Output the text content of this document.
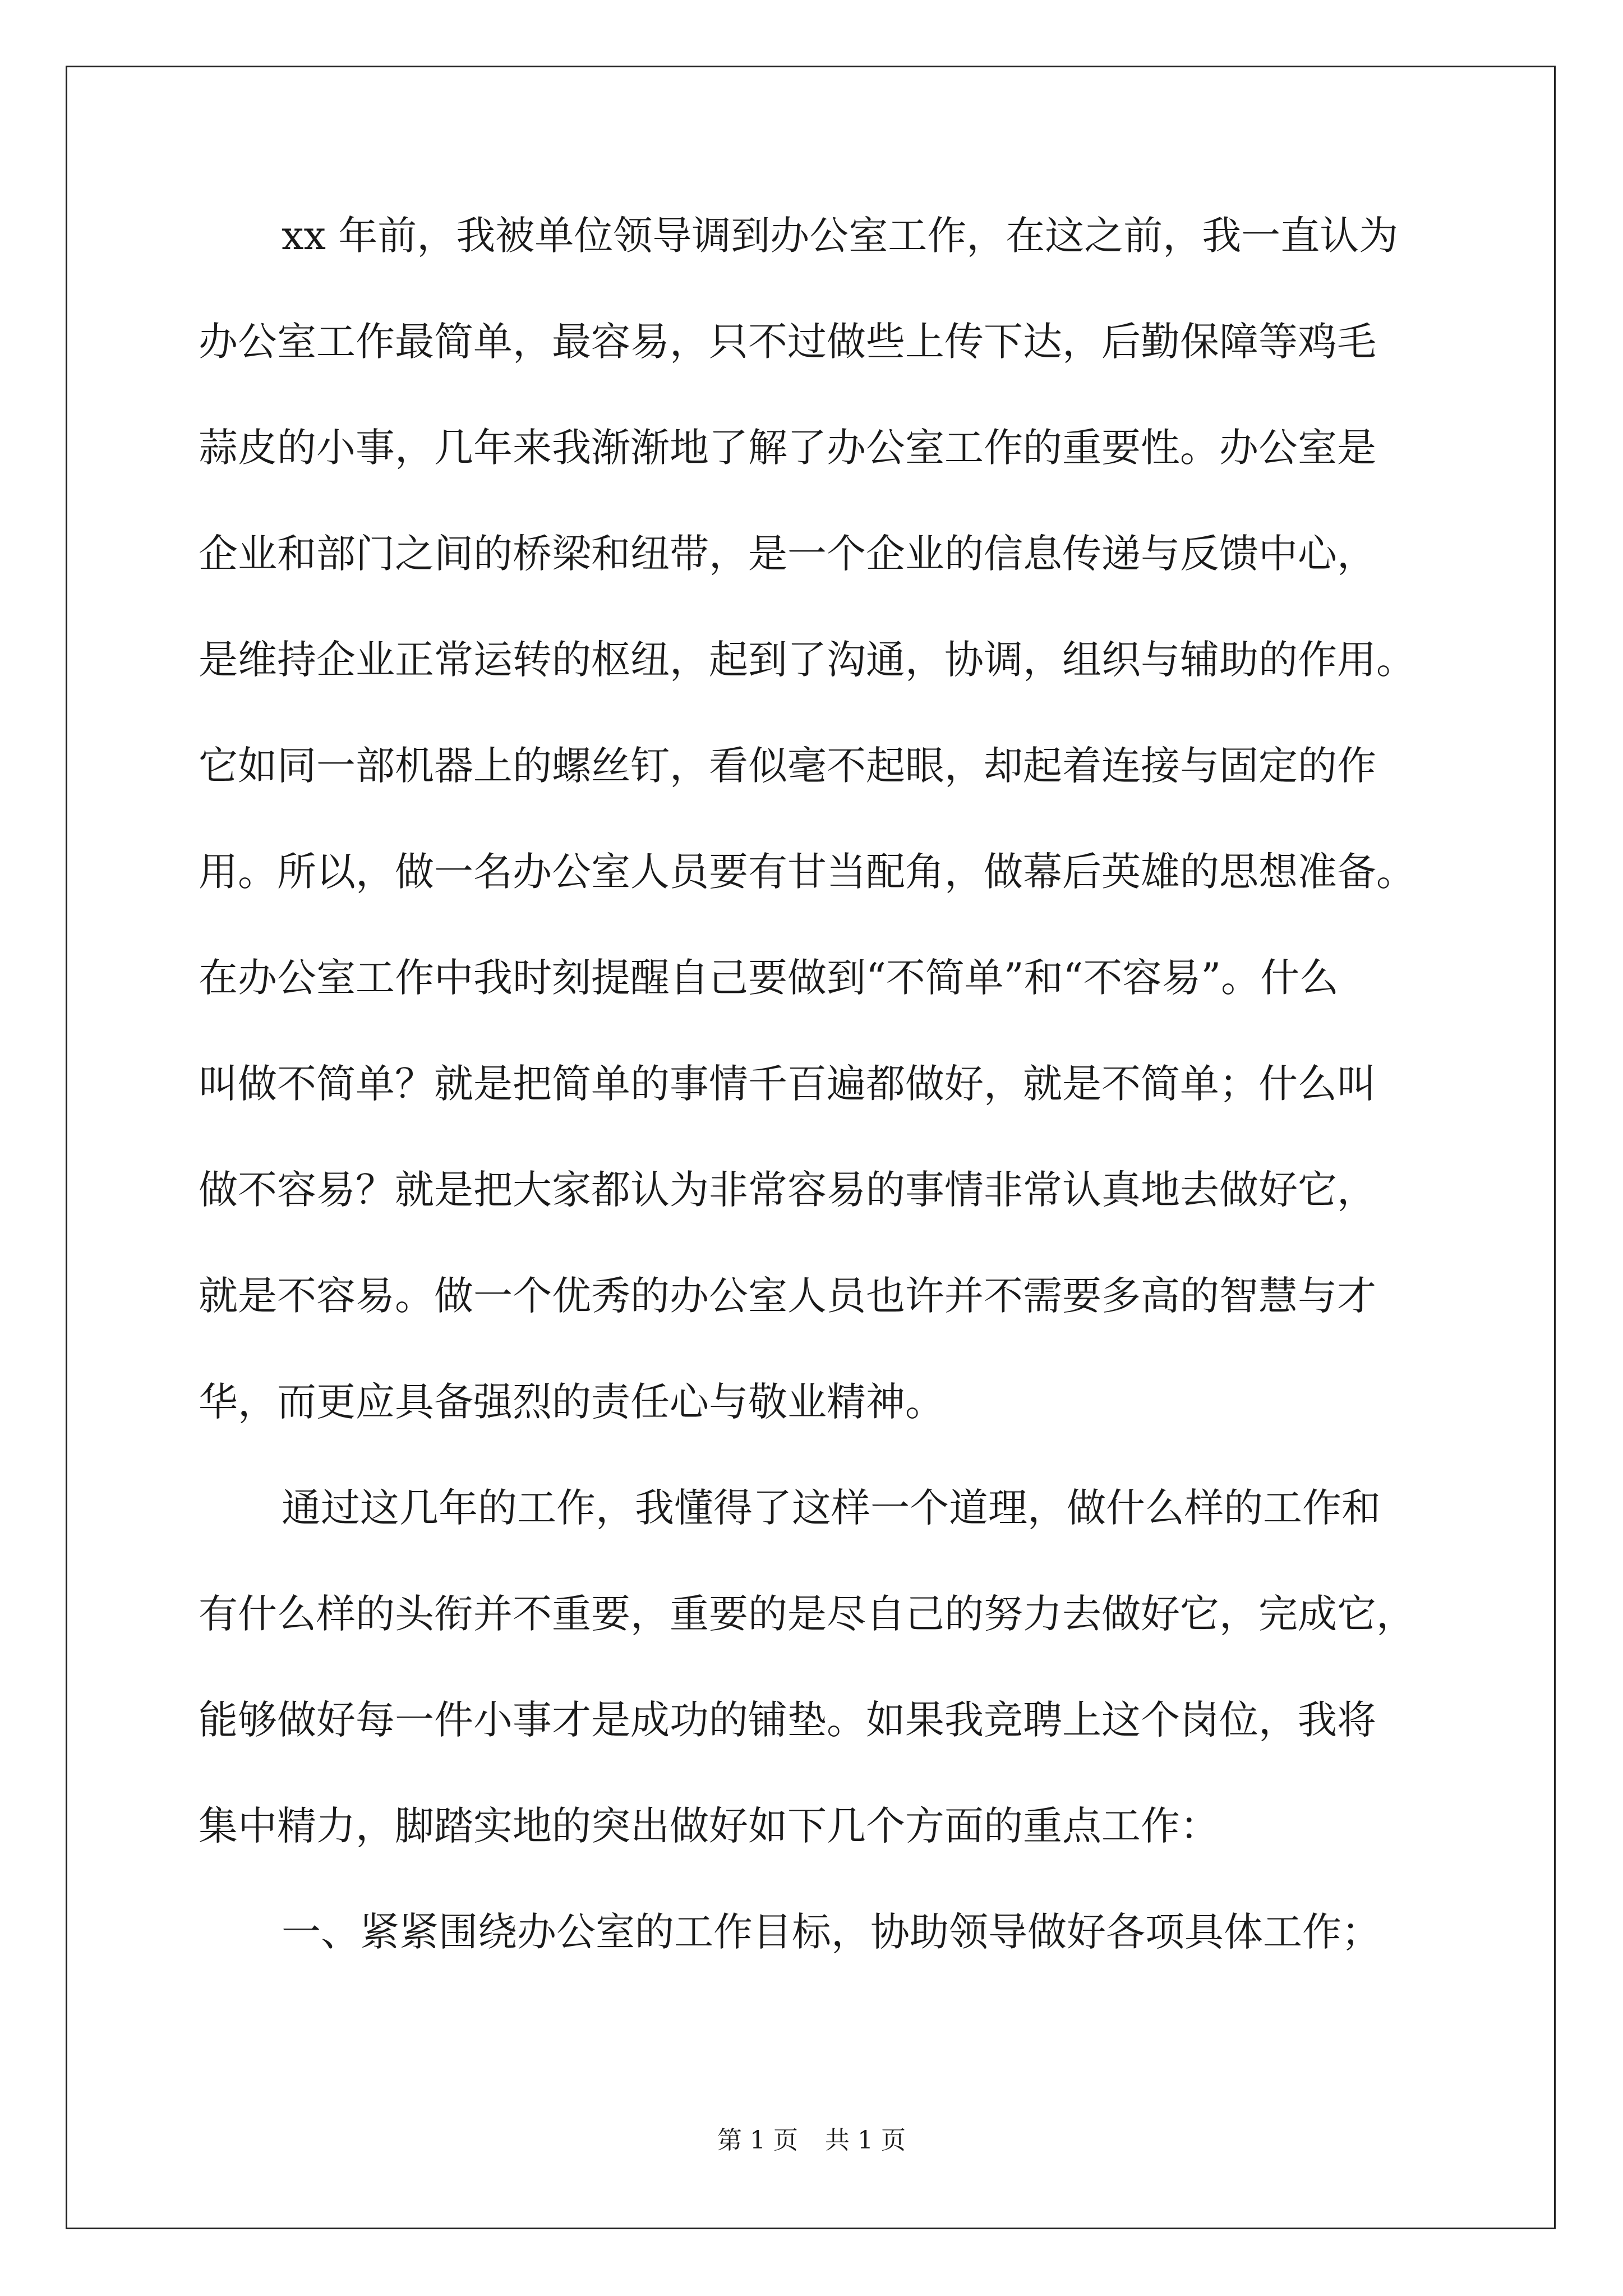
xx 年前，我被单位领导调到办公室工作，在这之前，我一直认为
办公室工作最简单，最容易，只不过做些上传下达，后勤保障等鸡毛
蒜皮的小事，几年来我渐渐地了解了办公室工作的重要性。办公室是
企业和部门之间的桥梁和纽带，是一个企业的信息传递与反馈中心，
是维持企业正常运转的枢纽，起到了沟通，协调，组织与辅助的作用。
它如同一部机器上的螺丝钉，看似毫不起眼，却起着连接与固定的作
用。所以，做一名办公室人员要有甘当配角，做幕后英雄的思想准备。
在办公室工作中我时刻提醒自己要做到“不简单”和“不容易”。什么
叫做不简单？就是把简单的事情千百遍都做好，就是不简单；什么叫
做不容易？就是把大家都认为非常容易的事情非常认真地去做好它，
就是不容易。做一个优秀的办公室人员也许并不需要多高的智慧与才
华，而更应具备强烈的责任心与敬业精神。
通过这几年的工作，我懂得了这样一个道理，做什么样的工作和
有什么样的头衔并不重要，重要的是尽自己的努力去做好它，完成它，
能够做好每一件小事才是成功的铺垫。如果我竞聘上这个岗位，我将
集中精力，脚踏实地的突出做好如下几个方面的重点工作：
一、紧紧围绕办公室的工作目标，协助领导做好各项具体工作；
第 1 页 共 1 页
